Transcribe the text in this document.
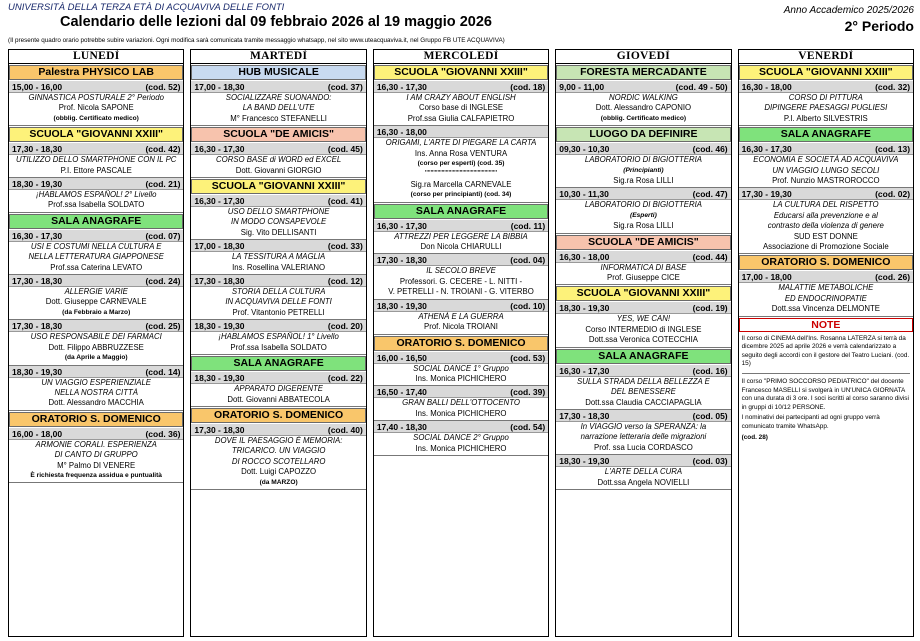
UNIVERSITÀ DELLA TERZA ETÀ DI ACQUAVIVA DELLE FONTI
Calendario delle lezioni dal 09 febbraio 2026 al 19 maggio 2026
(Il presente quadro orario potrebbe subire variazioni. Ogni modifica sarà comunicata tramite messaggio whatsapp, nel sito www.uteacquaviva.it, nel Gruppo FB UTE ACQUAVIVA)
Anno Accademico 2025/2026
2° Periodo
LUNEDÌ
Palestra PHYSICO LAB
15,00 - 16,00	(cod. 52)
GINNASTICA POSTURALE 2° Periodo
Prof. Nicola SAPONE
(obblig. Certificato medico)
SCUOLA "GIOVANNI XXIII"
17,30 - 18,30	(cod. 42)
UTILIZZO DELLO SMARTPHONE CON IL PC
P.I. Ettore PASCALE
18,30 - 19,30	(cod. 21)
¡HABLAMOS ESPAÑOL! 2° Livello
Prof.ssa Isabella SOLDATO
SALA ANAGRAFE
16,30 - 17,30	(cod. 07)
USI E COSTUMI NELLA CULTURA E
NELLA LETTERATURA GIAPPONESE
Prof.ssa Caterina LEVATO
17,30 - 18,30	(cod. 24)
ALLERGIE VARIE
Dott. Giuseppe CARNEVALE
(da Febbraio a Marzo)
17,30 - 18,30	(cod. 25)
USO RESPONSABILE DEI FARMACI
Dott. Filippo ABBRUZZESE
(da Aprile a Maggio)
18,30 - 19,30	(cod. 14)
UN VIAGGIO ESPERIENZIALE
NELLA NOSTRA CITTÀ
Dott. Alessandro MACCHIA
ORATORIO S. DOMENICO
16,00 - 18,00	(cod. 36)
ARMONIE CORALI. ESPERIENZA
DI CANTO DI GRUPPO
M° Palmo DI VENERE
È richiesta frequenza assidua e puntualità
MARTEDÌ
HUB MUSICALE
17,00 - 18,30	(cod. 37)
SOCIALIZZARE SUONANDO:
LA BAND DELL'UTE
M° Francesco STEFANELLI
SCUOLA "DE AMICIS"
16,30 - 17,30	(cod. 45)
CORSO BASE di WORD ed EXCEL
Dott. Giovanni GIORGIO
SCUOLA "GIOVANNI XXIII"
16,30 - 17,30	(cod. 41)
USO DELLO SMARTPHONE
IN MODO CONSAPEVOLE
Sig. Vito DELLISANTI
17,00 - 18,30	(cod. 33)
LA TESSITURA A MAGLIA
Ins. Rosellina VALERIANO
17,30 - 18,30	(cod. 12)
STORIA DELLA CULTURA
IN ACQUAVIVA DELLE FONTI
Prof. Vitantonio PETRELLI
18,30 - 19,30	(cod. 20)
¡HABLAMOS ESPAÑOL! 1° Livello
Prof.ssa Isabella SOLDATO
SALA ANAGRAFE
18,30 - 19,30	(cod. 22)
APPARATO DIGERENTE
Dott. Giovanni ABBATECOLA
ORATORIO S. DOMENICO
17,30 - 18,30	(cod. 40)
DOVE IL PAESAGGIO È MEMORIA:
TRICARICO. UN VIAGGIO
DI ROCCO SCOTELLARO
Dott. Luigi CAPOZZO
(da MARZO)
MERCOLEDÌ
SCUOLA "GIOVANNI XXIII"
16,30 - 17,30	(cod. 18)
I AM CRAZY ABOUT ENGLISH
Corso base di INGLESE
Prof.ssa Giulia CALFAPIETRO
16,30 - 18,00
ORIGAMI, L'ARTE DI PIEGARE LA CARTA
Ins. Anna Rosa VENTURA
(corso per esperti) (cod. 35)
""""""""""""""""""""""""""
Sig.ra Marcella CARNEVALE
(corso per principianti) (cod. 34)
SALA ANAGRAFE
16,30 - 17,30	(cod. 11)
ATTREZZI PER LEGGERE LA BIBBIA
Don Nicola CHIARULLI
17,30 - 18,30	(cod. 04)
IL SECOLO BREVE
Professori. G. CECERE - L. NITTI -
V. PETRELLI - N. TROIANI - G. VITERBO
18,30 - 19,30	(cod. 10)
ATHENÀ E LA GUERRA
Prof. Nicola TROIANI
ORATORIO S. DOMENICO
16,00 - 16,50	(cod. 53)
SOCIAL DANCE 1° Gruppo
Ins. Monica PICHICHERO
16,50 - 17,40	(cod. 39)
GRAN BALLI DELL'OTTOCENTO
Ins. Monica PICHICHERO
17,40 - 18,30	(cod. 54)
SOCIAL DANCE 2° Gruppo
Ins. Monica PICHICHERO
GIOVEDÌ
FORESTA MERCADANTE
9,00 - 11,00	(cod. 49 - 50)
NORDIC WALKING
Dott. Alessandro CAPONIO
(obblig. Certificato medico)
LUOGO DA DEFINIRE
09,30 - 10,30	(cod. 46)
LABORATORIO DI BIGIOTTERIA
(Principianti)
Sig.ra Rosa LILLI
10,30 - 11,30	(cod. 47)
LABORATORIO DI BIGIOTTERIA
(Esperti)
Sig.ra Rosa LILLI
SCUOLA "DE AMICIS"
16,30 - 18,00	(cod. 44)
INFORMATICA DI BASE
Prof. Giuseppe CICE
SCUOLA "GIOVANNI XXIII"
18,30 - 19,30	(cod. 19)
YES, WE CAN!
Corso INTERMEDIO di INGLESE
Dott.ssa Veronica COTECCHIA
SALA ANAGRAFE
16,30 - 17,30	(cod. 16)
SULLA STRADA DELLA BELLEZZA E
DEL BENESSERE
Dott.ssa Claudia CACCIAPAGLIA
17,30 - 18,30	(cod. 05)
In VIAGGIO verso la SPERANZA: la
narrazione letteraria delle migrazioni
Prof. ssa Lucia CORDASCO
18,30 - 19,30	(cod. 03)
L'ARTE DELLA CURA
Dott.ssa Angela NOVIELLI
VENERDÌ
SCUOLA "GIOVANNI XXIII"
16,30 - 18,00	(cod. 32)
CORSO DI PITTURA
DIPINGERE PAESAGGI PUGLIESI
P.I. Alberto SILVESTRIS
SALA ANAGRAFE
16,30 - 17,30	(cod. 13)
ECONOMIA E SOCIETÀ AD ACQUAVIVA
UN VIAGGIO LUNGO SECOLI
Prof. Nunzio MASTROROCCO
17,30 - 19,30	(cod. 02)
LA CULTURA DEL RISPETTO
Educarsi alla prevenzione e al
contrasto della violenza di genere
SUD EST DONNE
Associazione di Promozione Sociale
ORATORIO S. DOMENICO
17,00 - 18,00	(cod. 26)
MALATTIE METABOLICHE
ED ENDOCRINOPATIE
Dott.ssa Vincenza DELMONTE
NOTE

Il corso di CINEMA dell'Ins. Rosanna LATERZA si terrà da dicembre 2025 ad aprile 2026 e verrà calendarizzato a seguito degli accordi con il gestore del Teatro Luciani. (cod. 15)

Il corso "PRIMO SOCCORSO PEDIATRICO" del docente Francesco MASELLI si svolgerà in UN'UNICA GIORNATA con una durata di 3 ore. I soci iscritti al corso saranno divisi in gruppi di 10/12 PERSONE.

I nominativi dei partecipanti ad ogni gruppo verrà comunicato tramite WhatsApp.

(cod. 28)
